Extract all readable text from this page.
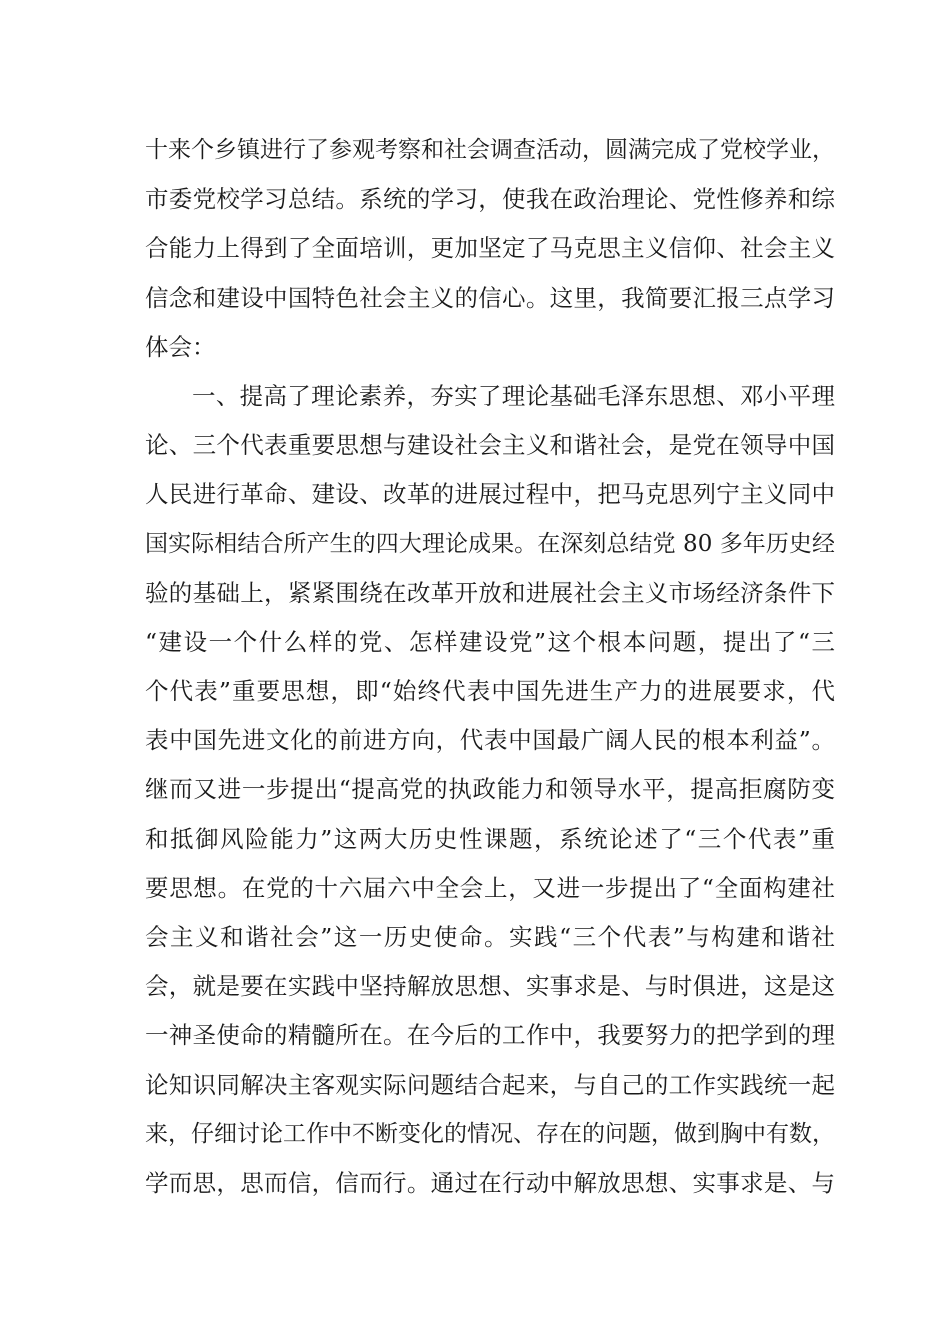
十来个乡镇进行了参观考察和社会调查活动，圆满完成了党校学业，
市委党校学习总结。系统的学习，使我在政治理论、党性修养和综
合能力上得到了全面培训，更加坚定了马克思主义信仰、社会主义
信念和建设中国特色社会主义的信心。这里，我简要汇报三点学习
体会：
一、提高了理论素养，夯实了理论基础毛泽东思想、邓小平理
论、三个代表重要思想与建设社会主义和谐社会，是党在领导中国
人民进行革命、建设、改革的进展过程中，把马克思列宁主义同中
国实际相结合所产生的四大理论成果。在深刻总结党 80 多年历史经
验的基础上，紧紧围绕在改革开放和进展社会主义市场经济条件下
“建设一个什么样的党、怎样建设党”这个根本问题，提出了“三
个代表”重要思想，即“始终代表中国先进生产力的进展要求，代
表中国先进文化的前进方向，代表中国最广阔人民的根本利益”。
继而又进一步提出“提高党的执政能力和领导水平，提高拒腐防变
和抵御风险能力”这两大历史性课题，系统论述了“三个代表”重
要思想。在党的十六届六中全会上，又进一步提出了“全面构建社
会主义和谐社会”这一历史使命。实践“三个代表”与构建和谐社
会，就是要在实践中坚持解放思想、实事求是、与时俱进，这是这
一神圣使命的精髓所在。在今后的工作中，我要努力的把学到的理
论知识同解决主客观实际问题结合起来，与自己的工作实践统一起
来，仔细讨论工作中不断变化的情况、存在的问题，做到胸中有数，
学而思，思而信，信而行。通过在行动中解放思想、实事求是、与
